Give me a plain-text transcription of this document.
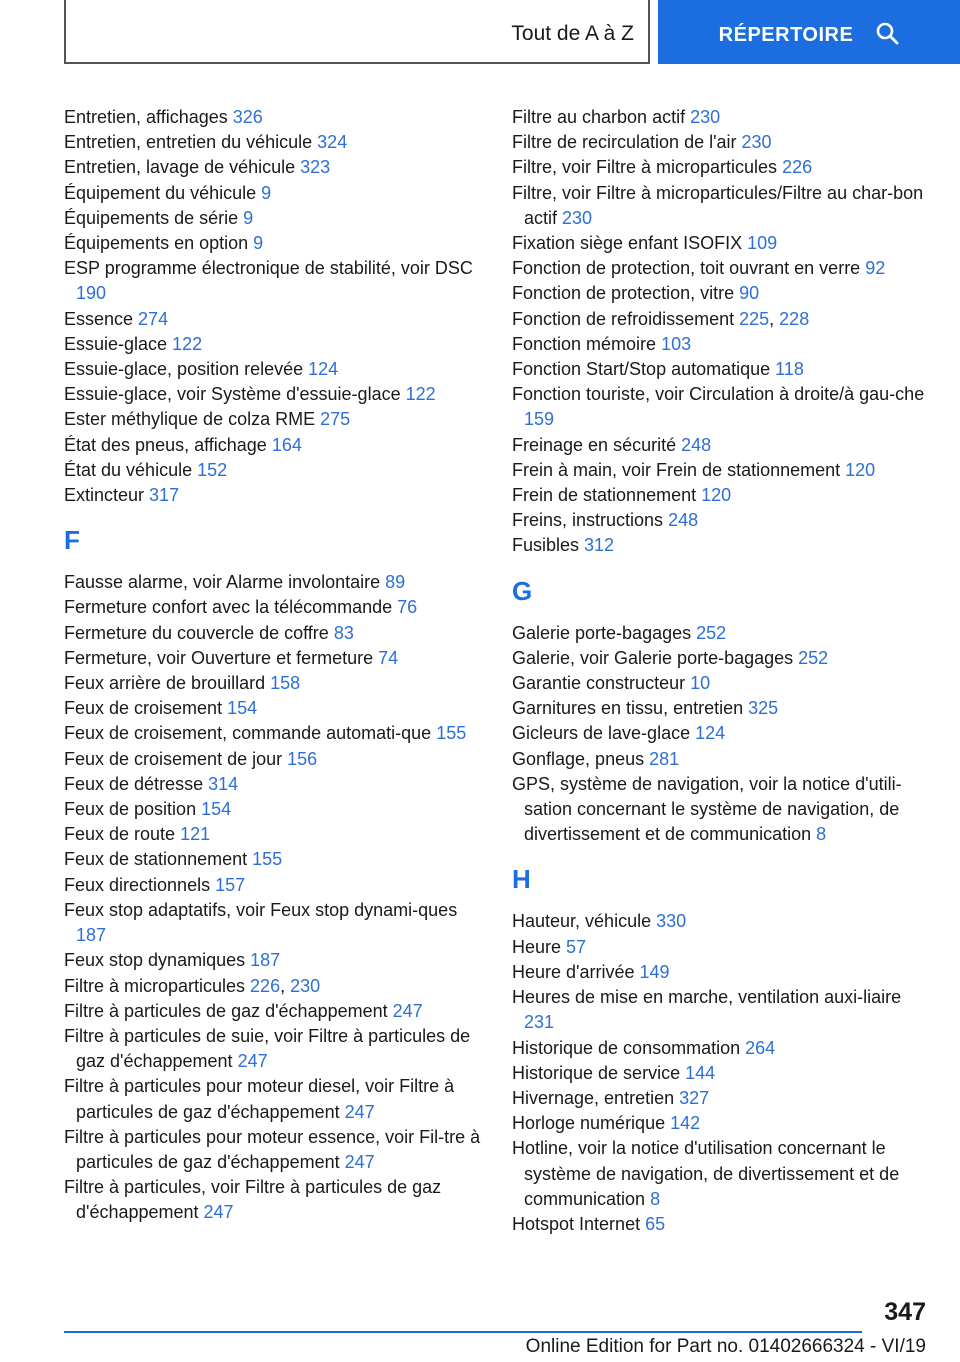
Tout de A à Z	RÉPERTOIRE

Entretien, affichages 326

Entretien, entretien du véhicule 324

Entretien, lavage de véhicule 323

Équipement du véhicule 9

Équipements de série 9

Équipements en option 9

ESP programme électronique de stabilité, voir DSC 190

Essence 274

Essuie-glace 122

Essuie-glace, position relevée 124

Essuie-glace, voir Système d'essuie-glace 122

Ester méthylique de colza RME 275

État des pneus, affichage 164

État du véhicule 152

Extincteur 317

F

Fausse alarme, voir Alarme involontaire 89

Fermeture confort avec la télécommande 76

Fermeture du couvercle de coffre 83

Fermeture, voir Ouverture et fermeture 74

Feux arrière de brouillard 158

Feux de croisement 154

Feux de croisement, commande automati-que 155

Feux de croisement de jour 156

Feux de détresse 314

Feux de position 154

Feux de route 121

Feux de stationnement 155

Feux directionnels 157

Feux stop adaptatifs, voir Feux stop dynami-ques 187

Feux stop dynamiques 187

Filtre à microparticules 226, 230

Filtre à particules de gaz d'échappement 247

Filtre à particules de suie, voir Filtre à particules de gaz d'échappement 247

Filtre à particules pour moteur diesel, voir Filtre à particules de gaz d'échappement 247

Filtre à particules pour moteur essence, voir Fil-tre à particules de gaz d'échappement 247

Filtre à particules, voir Filtre à particules de gaz d'échappement 247

Filtre au charbon actif 230

Filtre de recirculation de l'air 230

Filtre, voir Filtre à microparticules 226

Filtre, voir Filtre à microparticules/Filtre au char-bon actif 230

Fixation siège enfant ISOFIX 109

Fonction de protection, toit ouvrant en verre 92

Fonction de protection, vitre 90

Fonction de refroidissement 225, 228

Fonction mémoire 103

Fonction Start/Stop automatique 118

Fonction touriste, voir Circulation à droite/à gau-che 159

Freinage en sécurité 248

Frein à main, voir Frein de stationnement 120

Frein de stationnement 120

Freins, instructions 248

Fusibles 312

G

Galerie porte-bagages 252

Galerie, voir Galerie porte-bagages 252

Garantie constructeur 10

Garnitures en tissu, entretien 325

Gicleurs de lave-glace 124

Gonflage, pneus 281

GPS, système de navigation, voir la notice d'utili-sation concernant le système de navigation, de divertissement et de communication 8

H

Hauteur, véhicule 330

Heure 57

Heure d'arrivée 149

Heures de mise en marche, ventilation auxi-liaire 231

Historique de consommation 264

Historique de service 144

Hivernage, entretien 327

Horloge numérique 142

Hotline, voir la notice d'utilisation concernant le système de navigation, de divertissement et de communication 8

Hotspot Internet 65

347
Online Edition for Part no. 01402666324 - VI/19
